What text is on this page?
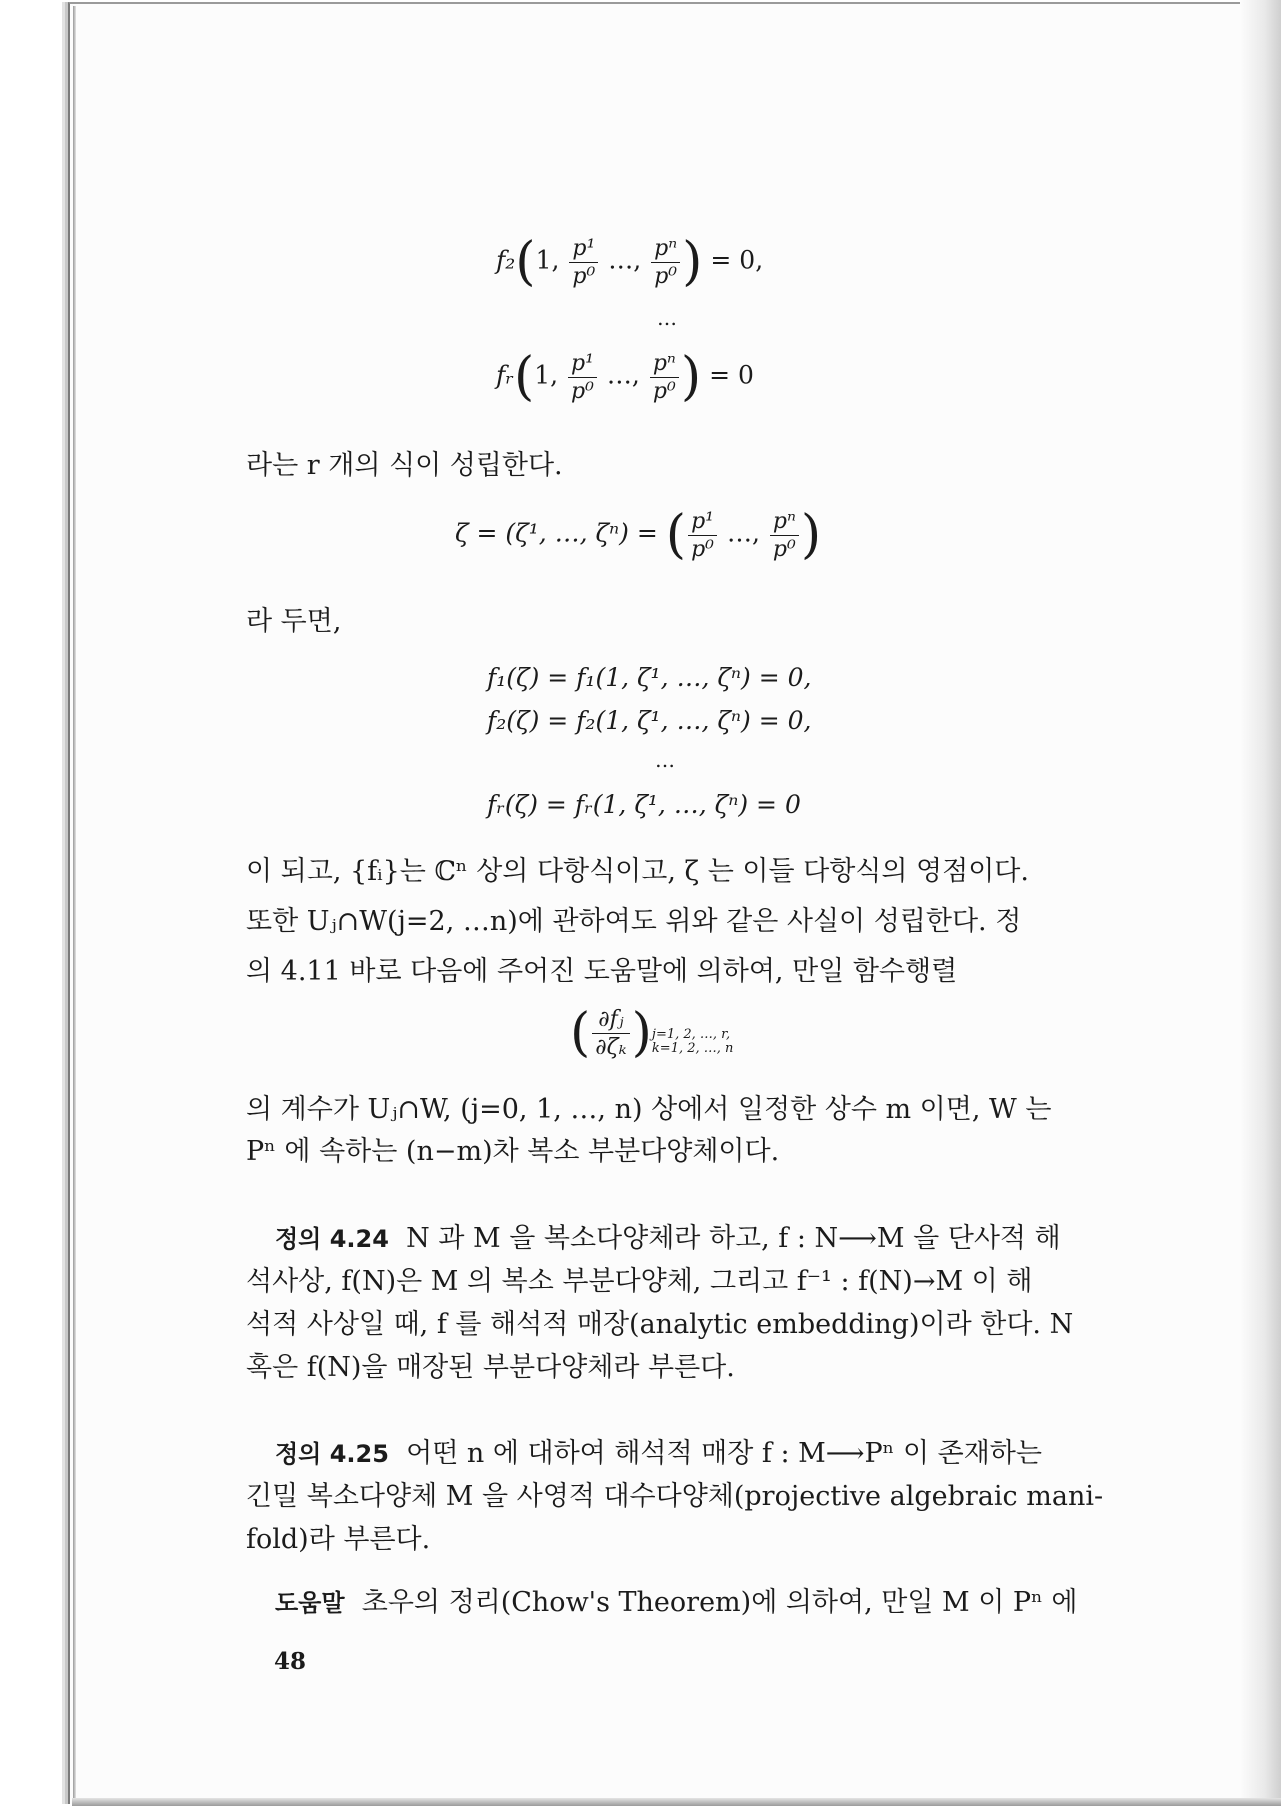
f₂(1, $\frac{\text{p¹}}{\text{p⁰}}$ …, $\frac{\text{pⁿ}}{\text{p⁰}}$ ) = 0,
…
fᵣ(1, $\frac{\text{p¹}}{\text{p⁰}}$ …, $\frac{\text{pⁿ}}{\text{p⁰}}$ ) = 0
라는 r 개의 식이 성립한다.
ζ = (ζ¹, …, ζⁿ) = ( $\frac{\text{p¹}}{\text{p⁰}}$ …, $\frac{\text{pⁿ}}{\text{p⁰}}$ )
라 두면,
f₁(ζ) = f₁(1, ζ¹, …, ζⁿ) = 0,
f₂(ζ) = f₂(1, ζ¹, …, ζⁿ) = 0,
…
fᵣ(ζ) = fᵣ(1, ζ¹, …, ζⁿ) = 0
이 되고, {fᵢ}는 ℂⁿ 상의 다항식이고, ζ 는 이들 다항식의 영점이다.
또한 Uⱼ∩W(j=2, …n)에 관하여도 위와 같은 사실이 성립한다. 정
의 4.11 바로 다음에 주어진 도움말에 의하여, 만일 함수행렬
( $\frac{\text{∂fⱼ}}{\text{∂ζₖ}}$ ) j=1, 2, …, r,
k=1, 2, …, n
의 계수가 Uⱼ∩W, (j=0, 1, …, n) 상에서 일정한 상수 m 이면, W 는
Pⁿ 에 속하는 (n−m)차 복소 부분다양체이다.
정의 4.24 N 과 M 을 복소다양체라 하고, f : N⟶M 을 단사적 해
석사상, f(N)은 M 의 복소 부분다양체, 그리고 f⁻¹ : f(N)→M 이 해
석적 사상일 때, f 를 해석적 매장(analytic embedding)이라 한다. N
혹은 f(N)을 매장된 부분다양체라 부른다.
정의 4.25 어떤 n 에 대하여 해석적 매장 f : M⟶Pⁿ 이 존재하는
긴밀 복소다양체 M 을 사영적 대수다양체(projective algebraic mani-
fold)라 부른다.
도움말 초우의 정리(Chow's Theorem)에 의하여, 만일 M 이 Pⁿ 에
48
